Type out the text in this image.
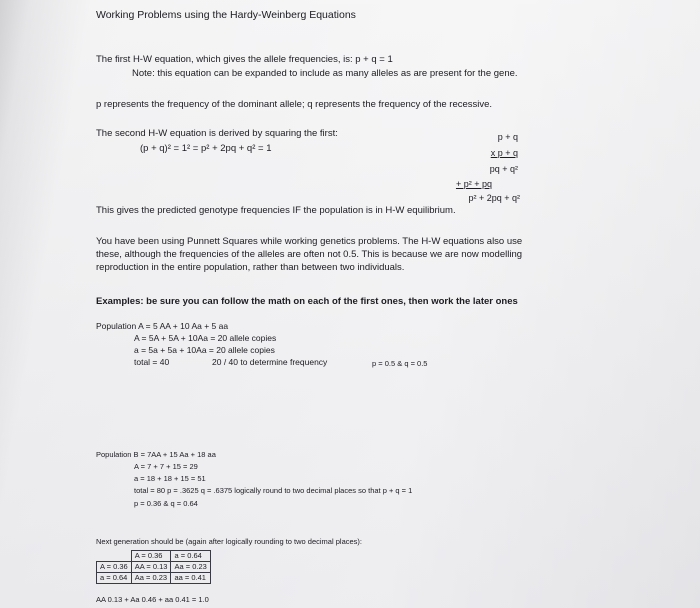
Working Problems using the Hardy-Weinberg Equations
The first H-W equation, which gives the allele frequencies, is: p + q = 1
Note: this equation can be expanded to include as many alleles as are present for the gene.
p represents the frequency of the dominant allele; q represents the frequency of the recessive.
The second H-W equation is derived by squaring the first:
(p + q)² = 1² = p² + 2pq + q² = 1
p + q
x p + q
pq + q²
+ p² + pq
p² + 2pq + q²
This gives the predicted genotype frequencies IF the population is in H-W equilibrium.
You have been using Punnett Squares while working genetics problems. The H-W equations also use
these, although the frequencies of the alleles are often not 0.5. This is because we are now modelling
reproduction in the entire population, rather than between two individuals.
Examples: be sure you can follow the math on each of the first ones, then work the later ones
Population A = 5 AA + 10 Aa + 5 aa
A = 5A + 5A + 10Aa = 20 allele copies
a = 5a + 5a + 10Aa = 20 allele copies
total = 40	20 / 40 to determine frequency	p = 0.5 & q = 0.5
Population B = 7AA + 15 Aa + 18 aa
A = 7 + 7 + 15 = 29
a = 18 + 18 + 15 = 51
total = 80 p = .3625 q = .6375 logically round to two decimal places so that p + q = 1
p = 0.36 & q = 0.64
Next generation should be (again after logically rounding to two decimal places):
	A = 0.36	a = 0.64
A = 0.36	AA = 0.13	Aa = 0.23
a = 0.64	Aa = 0.23	aa = 0.41
AA 0.13 + Aa 0.46 + aa 0.41 = 1.0
